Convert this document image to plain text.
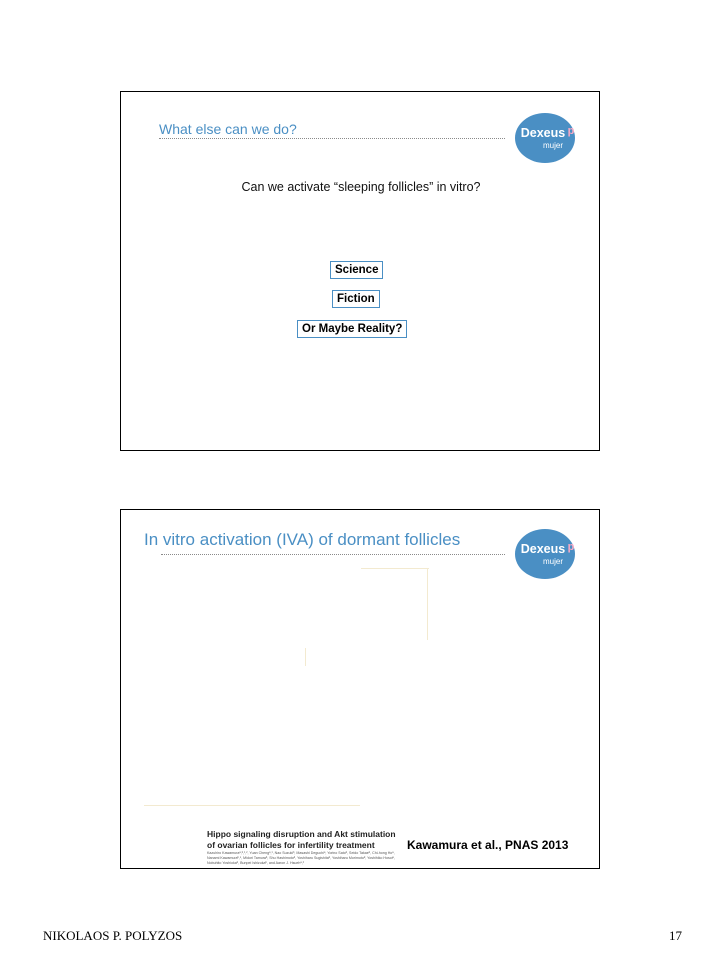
What else can we do?	Dexeus p
mujer
Can we activate “sleeping follicles” in vitro?
Science
Fiction
Or Maybe Reality?
In vitro activation (IVA) of dormant follicles	Dexeus p
mujer
Hippo signaling disruption and Akt stimulation of ovarian follicles for infertility treatment
Kazuhiro Kawamuraᵃ,ᵇ,¹,², Yuan Chengᵃ,¹, Nao Suzukiᵇ, Masashi Deguchiᵃ, Yorino Satoᵇ, Seido Takaeᵇ, Chi-hong Hoᵃ, Nanami Kawamuraᵇ,ᶜ, Midori Tamuraᵇ, Shu Hashimotoᵈ, Yoshiharu Sugishitaᵇ, Yoshiharu Morimotoᵈ, Yoshihiko Hosoiᵉ, Nobuhito Yoshiokaᵇ, Bunpei Ishizukaᵇ, and Aaron J. Hsuehᵃ,²
Kawamura et al., PNAS 2013
NIKOLAOS P. POLYZOS	17
